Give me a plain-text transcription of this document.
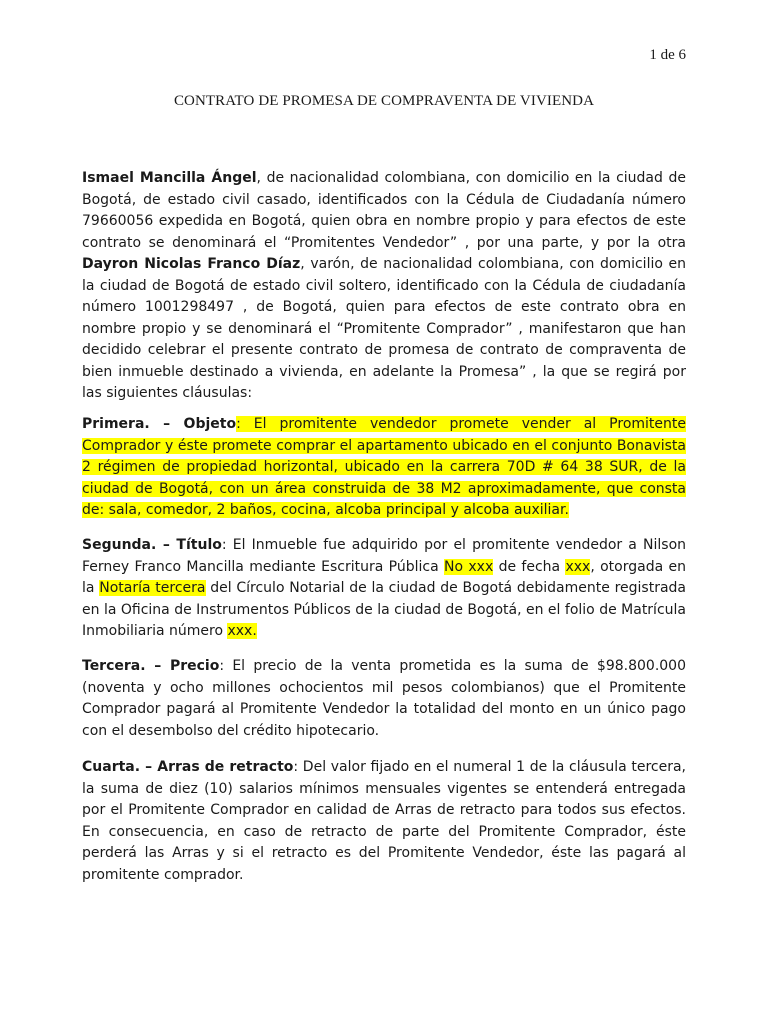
1 de 6
CONTRATO DE PROMESA DE COMPRAVENTA DE VIVIENDA

Ismael Mancilla Ángel, de nacionalidad colombiana, con domicilio en la ciudad de Bogotá, de estado civil casado, identificados con la Cédula de Ciudadanía número 79660056 expedida en Bogotá, quien obra en nombre propio y para efectos de este contrato se denominará el “Promitentes Vendedor” , por una parte, y por la otra Dayron Nicolas Franco Díaz, varón, de nacionalidad colombiana, con domicilio en la ciudad de Bogotá de estado civil soltero, identificado con la Cédula de ciudadanía número 1001298497 , de Bogotá, quien para efectos de este contrato obra en nombre propio y se denominará el “Promitente Comprador” , manifestaron que han decidido celebrar el presente contrato de promesa de contrato de compraventa de bien inmueble destinado a vivienda, en adelante la Promesa” , la que se regirá por las siguientes cláusulas:

Primera. – Objeto: El promitente vendedor promete vender al Promitente Comprador y éste promete comprar el apartamento ubicado en el conjunto Bonavista 2 régimen de propiedad horizontal, ubicado en la carrera 70D # 64 38 SUR, de la ciudad de Bogotá, con un área construida de 38 M2 aproximadamente, que consta de: sala, comedor, 2 baños, cocina, alcoba principal y alcoba auxiliar.

Segunda. – Título: El Inmueble fue adquirido por el promitente vendedor a Nilson Ferney Franco Mancilla mediante Escritura Pública No xxx de fecha xxx, otorgada en la Notaría tercera del Círculo Notarial de la ciudad de Bogotá debidamente registrada en la Oficina de Instrumentos Públicos de la ciudad de Bogotá, en el folio de Matrícula Inmobiliaria número xxx.

Tercera. – Precio: El precio de la venta prometida es la suma de $98.800.000 (noventa y ocho millones ochocientos mil pesos colombianos) que el Promitente Comprador pagará al Promitente Vendedor la totalidad del monto en un único pago con el desembolso del crédito hipotecario.

Cuarta. – Arras de retracto: Del valor fijado en el numeral 1 de la cláusula tercera, la suma de diez (10) salarios mínimos mensuales vigentes se entenderá entregada por el Promitente Comprador en calidad de Arras de retracto para todos sus efectos. En consecuencia, en caso de retracto de parte del Promitente Comprador, éste perderá las Arras y si el retracto es del Promitente Vendedor, éste las pagará al promitente comprador.
